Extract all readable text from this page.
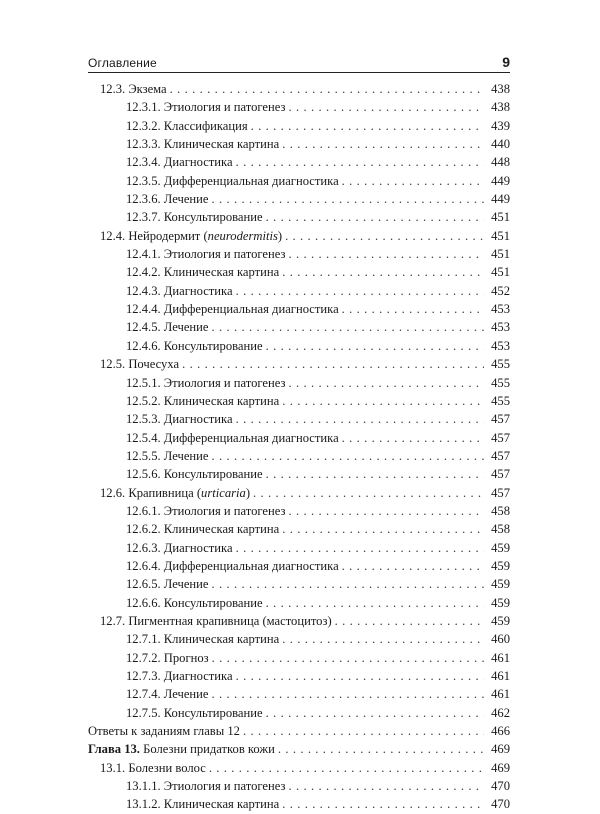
Оглавление	9
12.3. Экзема . . .	438
12.3.1. Этиология и патогенез . . .	438
12.3.2. Классификация . . .	439
12.3.3. Клиническая картина . . .	440
12.3.4. Диагностика . . .	448
12.3.5. Дифференциальная диагностика . . .	449
12.3.6. Лечение . . .	449
12.3.7. Консультирование . . .	451
12.4. Нейродермит (neurodermitis) . . .	451
12.4.1. Этиология и патогенез . . .	451
12.4.2. Клиническая картина . . .	451
12.4.3. Диагностика . . .	452
12.4.4. Дифференциальная диагностика . . .	453
12.4.5. Лечение . . .	453
12.4.6. Консультирование . . .	453
12.5. Почесуха . . .	455
12.5.1. Этиология и патогенез . . .	455
12.5.2. Клиническая картина . . .	455
12.5.3. Диагностика . . .	457
12.5.4. Дифференциальная диагностика . . .	457
12.5.5. Лечение . . .	457
12.5.6. Консультирование . . .	457
12.6. Крапивница (urticaria) . . .	457
12.6.1. Этиология и патогенез . . .	458
12.6.2. Клиническая картина . . .	458
12.6.3. Диагностика . . .	459
12.6.4. Дифференциальная диагностика . . .	459
12.6.5. Лечение . . .	459
12.6.6. Консультирование . . .	459
12.7. Пигментная крапивница (мастоцитоз) . . .	459
12.7.1. Клиническая картина . . .	460
12.7.2. Прогноз . . .	461
12.7.3. Диагностика . . .	461
12.7.4. Лечение . . .	461
12.7.5. Консультирование . . .	462
Ответы к заданиям главы 12 . . .	466
Глава 13. Болезни придатков кожи . . .	469
13.1. Болезни волос . . .	469
13.1.1. Этиология и патогенез . . .	470
13.1.2. Клиническая картина . . .	470
